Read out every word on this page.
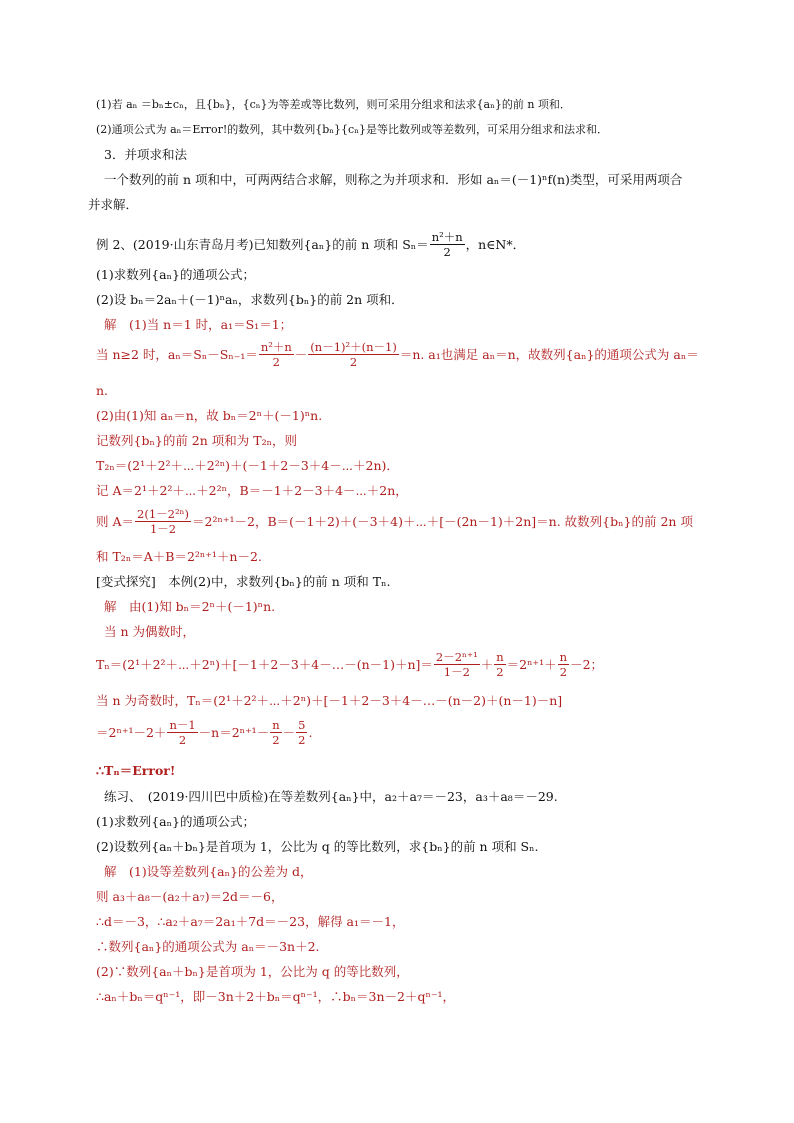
(1)若 aₙ ＝bₙ±cₙ，且{bₙ}，{cₙ}为等差或等比数列，则可采用分组求和法求{aₙ}的前 n 项和．
(2)通项公式为 aₙ＝Error!的数列，其中数列{bₙ}{cₙ}是等比数列或等差数列，可采用分组求和法求和．
3．并项求和法
一个数列的前 n 项和中，可两两结合求解，则称之为并项求和．形如 aₙ＝(－1)ⁿf(n)类型，可采用两项合
并求解．
例 2、(2019·山东青岛月考)已知数列{aₙ}的前 n 项和 $S_n= \frac{\text{n²＋n}}{2}$ ，n∈N*．
(1)求数列{aₙ}的通项公式；
(2)设 bₙ＝2aₙ＋(－1)ⁿaₙ，求数列{bₙ}的前 2n 项和．
解　(1)当 n＝1 时，a₁＝S₁＝1；
当 n≥2 时，$a_n=S_n-S_{n-1}= \frac{\text{n²＋n}}{2} - \frac{\text{(n－1)²＋(n－1)}}{2} =n$. a₁也满足 aₙ＝n，故数列{aₙ}的通项公式为 aₙ＝
n.
(2)由(1)知 aₙ＝n，故 bₙ＝2ⁿ＋(－1)ⁿn.
记数列{bₙ}的前 2n 项和为 T₂ₙ，则
T₂ₙ＝(2¹＋2²＋⋯＋2²ⁿ)＋(－1＋2－3＋4－⋯＋2n)．
记 A＝2¹＋2²＋⋯＋2²ⁿ，B＝－1＋2－3＋4－⋯＋2n，
则 $A= \frac{\text{2(1－2²ⁿ)}}{1-2} =2^{2n+1}-2$，B＝(－1＋2)＋(－3＋4)＋⋯＋[－(2n－1)＋2n]＝n. 故数列{bₙ}的前 2n 项
和 T₂ₙ＝A＋B＝2²ⁿ⁺¹＋n－2.
[变式探究]　本例(2)中，求数列{bₙ}的前 n 项和 Tₙ.
解　由(1)知 bₙ＝2ⁿ＋(－1)ⁿn.
当 n 为偶数时，
Tₙ＝(2¹＋2²＋⋯＋2ⁿ)＋[－1＋2－3＋4－…－(n－1)＋n]＝ $\frac{\text{2－2ⁿ⁺¹}}{1-2} + \frac{n}{2} =2^{n+1}+ \frac{n}{2} -2$；
当 n 为奇数时，Tₙ＝(2¹＋2²＋⋯＋2ⁿ)＋[－1＋2－3＋4－…－(n－2)＋(n－1)－n]
$=2^{n+1}-2+ \frac{n-1}{2} -n=2^{n+1}- \frac{n}{2} - \frac{5}{2}$ .
∴Tₙ＝Error!
练习、　(2019·四川巴中质检)在等差数列{aₙ}中，a₂＋a₇＝－23，a₃＋a₈＝－29.
(1)求数列{aₙ}的通项公式；
(2)设数列{aₙ＋bₙ}是首项为 1，公比为 q 的等比数列，求{bₙ}的前 n 项和 Sₙ.
解　(1)设等差数列{aₙ}的公差为 d，
则 a₃＋a₈－(a₂＋a₇)＝2d＝－6，
∴d＝－3，∴a₂＋a₇＝2a₁＋7d＝－23，解得 a₁＝－1，
∴数列{aₙ}的通项公式为 aₙ＝－3n＋2.
(2)∵数列{aₙ＋bₙ}是首项为 1，公比为 q 的等比数列，
∴aₙ＋bₙ＝qⁿ⁻¹，即－3n＋2＋bₙ＝qⁿ⁻¹，∴bₙ＝3n－2＋qⁿ⁻¹，
